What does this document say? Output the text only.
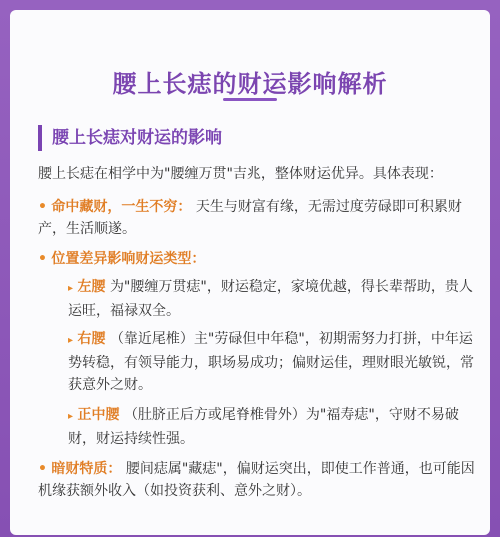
腰上长痣的财运影响解析
腰上长痣对财运的影响
腰上长痣在相学中为"腰缠万贯"吉兆，整体财运优异。具体表现：
• 命中藏财，一生不穷： 天生与财富有缘，无需过度劳碌即可积累财产，生活顺遂。
• 位置差异影响财运类型：
▸ 左腰 为"腰缠万贯痣"，财运稳定，家境优越，得长辈帮助，贵人运旺，福禄双全。
▸ 右腰 （靠近尾椎）主"劳碌但中年稳"，初期需努力打拼，中年运势转稳，有领导能力，职场易成功；偏财运佳，理财眼光敏锐，常获意外之财。
▸ 正中腰 （肚脐正后方或尾脊椎骨外）为"福寿痣"，守财不易破财，财运持续性强。
• 暗财特质： 腰间痣属"藏痣"，偏财运突出，即使工作普通，也可能因机缘获额外收入（如投资获利、意外之财）。
